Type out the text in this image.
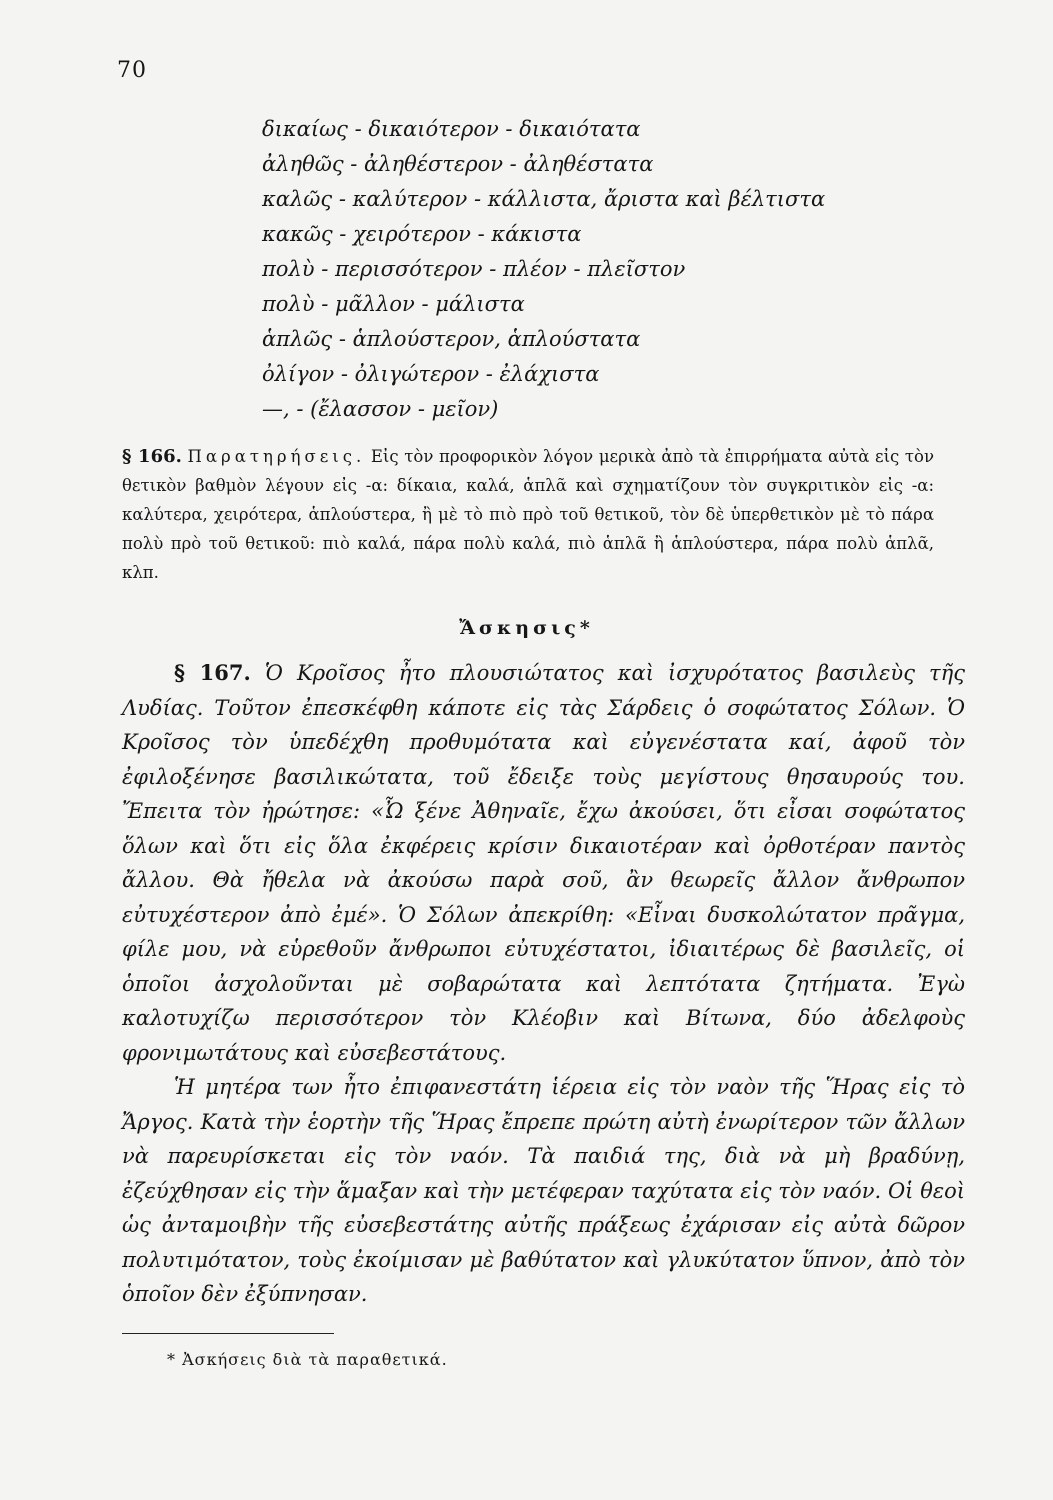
70
δικαίως - δικαιότερον - δικαιότατα
ἀληθῶς - ἀληθέστερον - ἀληθέστατα
καλῶς - καλύτερον - κάλλιστα, ἄριστα καὶ βέλτιστα
κακῶς - χειρότερον - κάκιστα
πολὺ - περισσότερον - πλέον - πλεῖστον
πολὺ - μᾶλλον - μάλιστα
ἁπλῶς - ἁπλούστερον, ἁπλούστατα
ὀλίγον - ὀλιγώτερον - ἐλάχιστα
—, - (ἔλασσον - μεῖον)
§ 166. Παρατηρήσεις. Εἰς τὸν προφορικὸν λόγον μερικὰ ἀπὸ τὰ ἐπιρρήματα αὐτὰ εἰς τὸν θετικὸν βαθμὸν λέγουν εἰς -α: δίκαια, καλά, ἁπλᾶ καὶ σχηματίζουν τὸν συγκριτικὸν εἰς -α: καλύτερα, χειρότερα, ἁπλούστερα, ἢ μὲ τὸ πιὸ πρὸ τοῦ θετικοῦ, τὸν δὲ ὑπερθετικὸν μὲ τὸ πάρα πολὺ πρὸ τοῦ θετικοῦ: πιὸ καλά, πάρα πολὺ καλά, πιὸ ἁπλᾶ ἢ ἁπλούστερα, πάρα πολὺ ἁπλᾶ, κλπ.
Ἄσκησις*

§ 167. Ὁ Κροῖσος ἦτο πλουσιώτατος καὶ ἰσχυρότατος βασιλεὺς τῆς Λυδίας. Τοῦτον ἐπεσκέφθη κάποτε εἰς τὰς Σάρδεις ὁ σοφώτατος Σόλων. Ὁ Κροῖσος τὸν ὑπεδέχθη προθυμότατα καὶ εὐγενέστατα καί, ἀφοῦ τὸν ἐφιλοξένησε βασιλικώτατα, τοῦ ἔδειξε τοὺς μεγίστους θησαυρούς του. Ἔπειτα τὸν ἠρώτησε: «Ὦ ξένε Ἀθηναῖε, ἔχω ἀκούσει, ὅτι εἶσαι σοφώτατος ὅλων καὶ ὅτι εἰς ὅλα ἐκφέρεις κρίσιν δικαιοτέραν καὶ ὀρθοτέραν παντὸς ἄλλου. Θὰ ἤθελα νὰ ἀκούσω παρὰ σοῦ, ἂν θεωρεῖς ἄλλον ἄνθρωπον εὐτυχέστερον ἀπὸ ἐμέ». Ὁ Σόλων ἀπεκρίθη: «Εἶναι δυσκολώτατον πρᾶγμα, φίλε μου, νὰ εὑρεθοῦν ἄνθρωποι εὐτυχέστατοι, ἰδιαιτέρως δὲ βασιλεῖς, οἱ ὁποῖοι ἀσχολοῦνται μὲ σοβαρώτατα καὶ λεπτότατα ζητήματα. Ἐγὼ καλοτυχίζω περισσότερον τὸν Κλέοβιν καὶ Βίτωνα, δύο ἀδελφοὺς φρονιμωτάτους καὶ εὐσεβεστάτους.

Ἡ μητέρα των ἦτο ἐπιφανεστάτη ἱέρεια εἰς τὸν ναὸν τῆς Ἥρας εἰς τὸ Ἄργος. Κατὰ τὴν ἑορτὴν τῆς Ἥρας ἔπρεπε πρώτη αὐτὴ ἐνωρίτερον τῶν ἄλλων νὰ παρευρίσκεται εἰς τὸν ναόν. Τὰ παιδιά της, διὰ νὰ μὴ βραδύνῃ, ἐζεύχθησαν εἰς τὴν ἅμαξαν καὶ τὴν μετέφεραν ταχύτατα εἰς τὸν ναόν. Οἱ θεοὶ ὡς ἀνταμοιβὴν τῆς εὐσεβεστάτης αὐτῆς πράξεως ἐχάρισαν εἰς αὐτὰ δῶρον πολυτιμότατον, τοὺς ἐκοίμισαν μὲ βαθύτατον καὶ γλυκύτατον ὕπνον, ἀπὸ τὸν ὁποῖον δὲν ἐξύπνησαν.

* Ἀσκήσεις διὰ τὰ παραθετικά.
